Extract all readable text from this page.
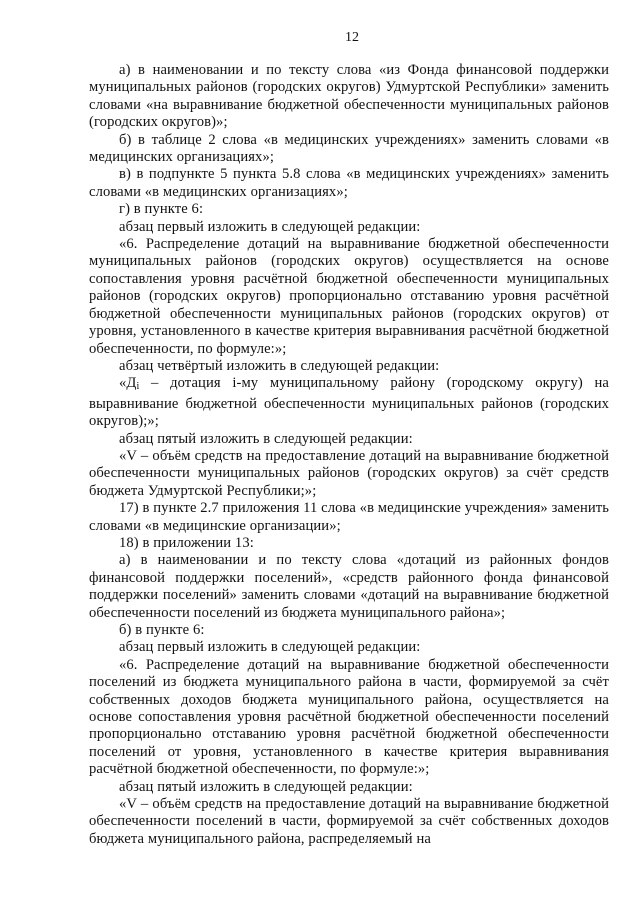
12

а) в наименовании и по тексту слова «из Фонда финансовой поддержки муниципальных районов (городских округов) Удмуртской Республики» заменить словами «на выравнивание бюджетной обеспеченности муниципальных районов (городских округов)»;

б) в таблице 2 слова «в медицинских учреждениях» заменить словами «в медицинских организациях»;

в) в подпункте 5 пункта 5.8 слова «в медицинских учреждениях» заменить словами «в медицинских организациях»;

г) в пункте 6:

абзац первый изложить в следующей редакции:

«6. Распределение дотаций на выравнивание бюджетной обеспеченности муниципальных районов (городских округов) осуществляется на основе сопоставления уровня расчётной бюджетной обеспеченности муниципальных районов (городских округов) пропорционально отставанию уровня расчётной бюджетной обеспеченности муниципальных районов (городских округов) от уровня, установленного в качестве критерия выравнивания расчётной бюджетной обеспеченности, по формуле:»;

абзац четвёртый изложить в следующей редакции:

«$Д_i$ – дотация i-му муниципальному району (городскому округу) на выравнивание бюджетной обеспеченности муниципальных районов (городских округов);»;

абзац пятый изложить в следующей редакции:

«V – объём средств на предоставление дотаций на выравнивание бюджетной обеспеченности муниципальных районов (городских округов) за счёт средств бюджета Удмуртской Республики;»;

17) в пункте 2.7 приложения 11 слова «в медицинские учреждения» заменить словами «в медицинские организации»;

18) в приложении 13:

а) в наименовании и по тексту слова «дотаций из районных фондов финансовой поддержки поселений», «средств районного фонда финансовой поддержки поселений» заменить словами «дотаций на выравнивание бюджетной обеспеченности поселений из бюджета муниципального района»;

б) в пункте 6:

абзац первый изложить в следующей редакции:

«6. Распределение дотаций на выравнивание бюджетной обеспеченности поселений из бюджета муниципального района в части, формируемой за счёт собственных доходов бюджета муниципального района, осуществляется на основе сопоставления уровня расчётной бюджетной обеспеченности поселений пропорционально отставанию уровня расчётной бюджетной обеспеченности поселений от уровня, установленного в качестве критерия выравнивания расчётной бюджетной обеспеченности, по формуле:»;

абзац пятый изложить в следующей редакции:

«V – объём средств на предоставление дотаций на выравнивание бюджетной обеспеченности поселений в части, формируемой за счёт собственных доходов бюджета муниципального района, распределяемый на
